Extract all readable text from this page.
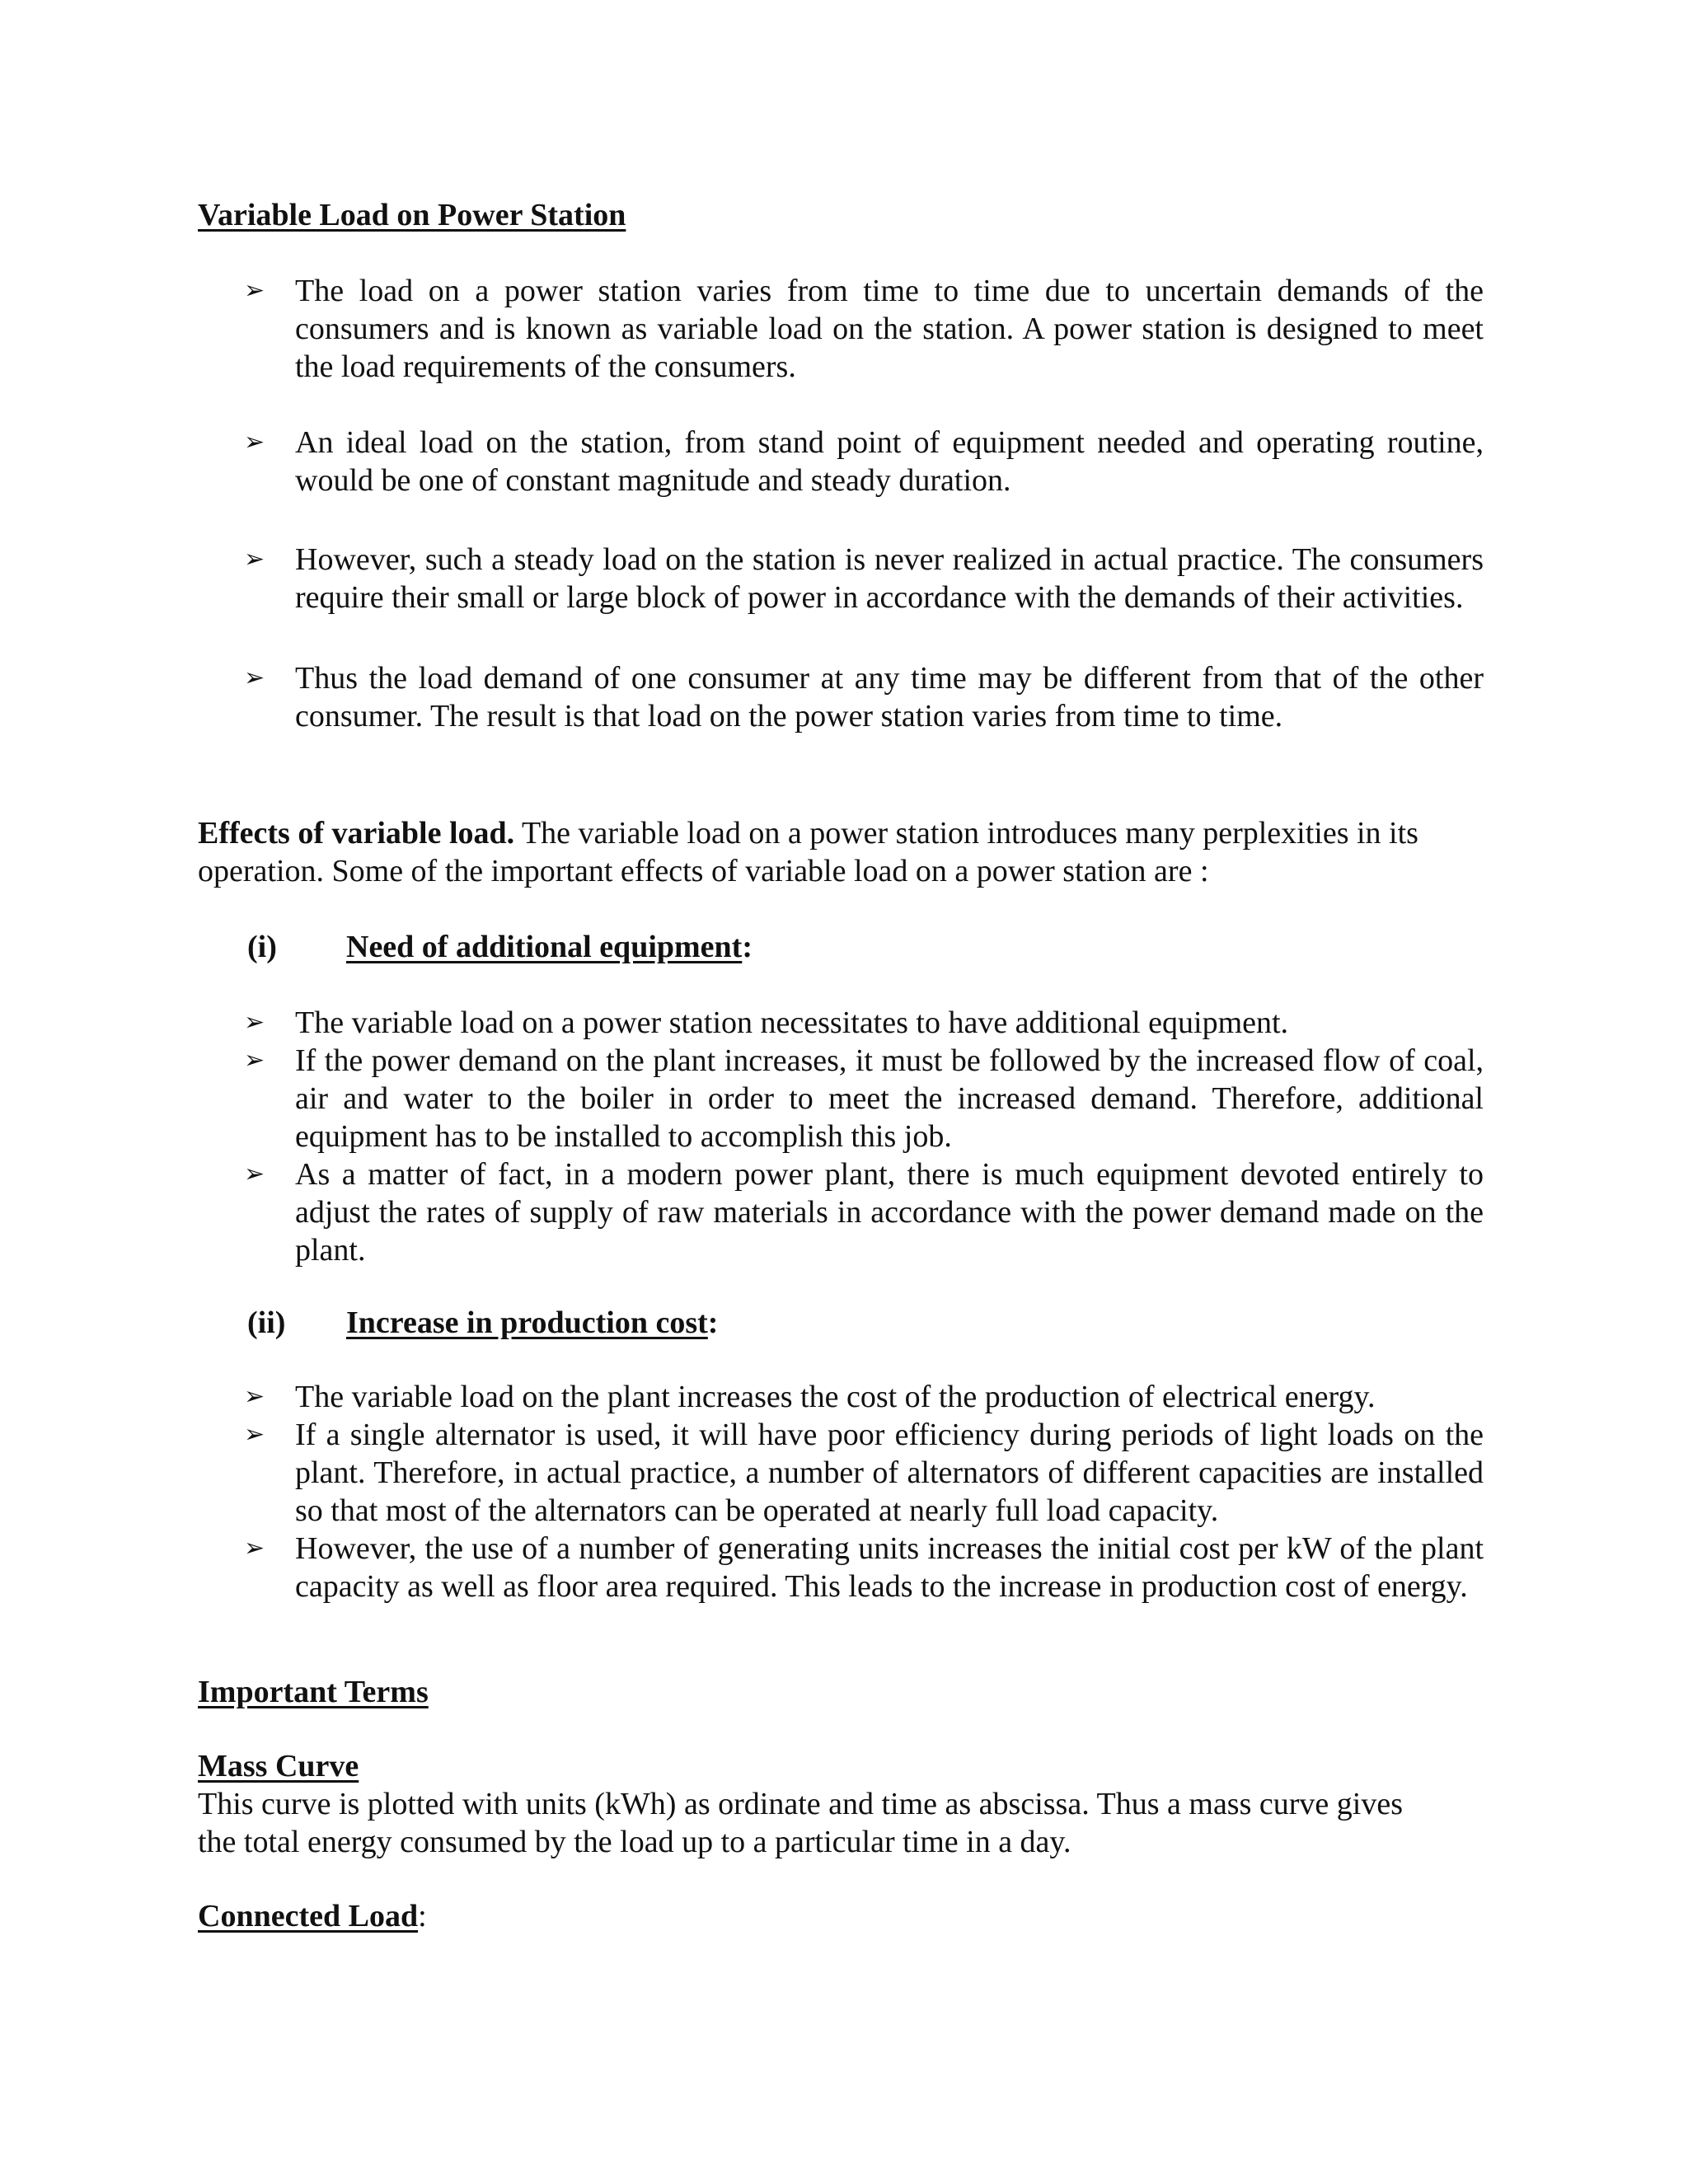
Variable Load on Power Station
➢ The load on a power station varies from time to time due to uncertain demands of the consumers and is known as variable load on the station. A power station is designed to meet the load requirements of the consumers.
➢ An ideal load on the station, from stand point of equipment needed and operating routine, would be one of constant magnitude and steady duration.
➢ However, such a steady load on the station is never realized in actual practice. The consumers require their small or large block of power in accordance with the demands of their activities.
➢ Thus the load demand of one consumer at any time may be different from that of the other consumer. The result is that load on the power station varies from time to time.
Effects of variable load. The variable load on a power station introduces many perplexities in its operation. Some of the important effects of variable load on a power station are :
(i) Need of additional equipment:
➢ The variable load on a power station necessitates to have additional equipment.
➢ If the power demand on the plant increases, it must be followed by the increased flow of coal, air and water to the boiler in order to meet the increased demand. Therefore, additional equipment has to be installed to accomplish this job.
➢ As a matter of fact, in a modern power plant, there is much equipment devoted entirely to adjust the rates of supply of raw materials in accordance with the power demand made on the plant.
(ii) Increase in production cost:
➢ The variable load on the plant increases the cost of the production of electrical energy.
➢ If a single alternator is used, it will have poor efficiency during periods of light loads on the plant. Therefore, in actual practice, a number of alternators of different capacities are installed so that most of the alternators can be operated at nearly full load capacity.
➢ However, the use of a number of generating units increases the initial cost per kW of the plant capacity as well as floor area required. This leads to the increase in production cost of energy.
Important Terms
Mass Curve
This curve is plotted with units (kWh) as ordinate and time as abscissa. Thus a mass curve gives the total energy consumed by the load up to a particular time in a day.
Connected Load:
